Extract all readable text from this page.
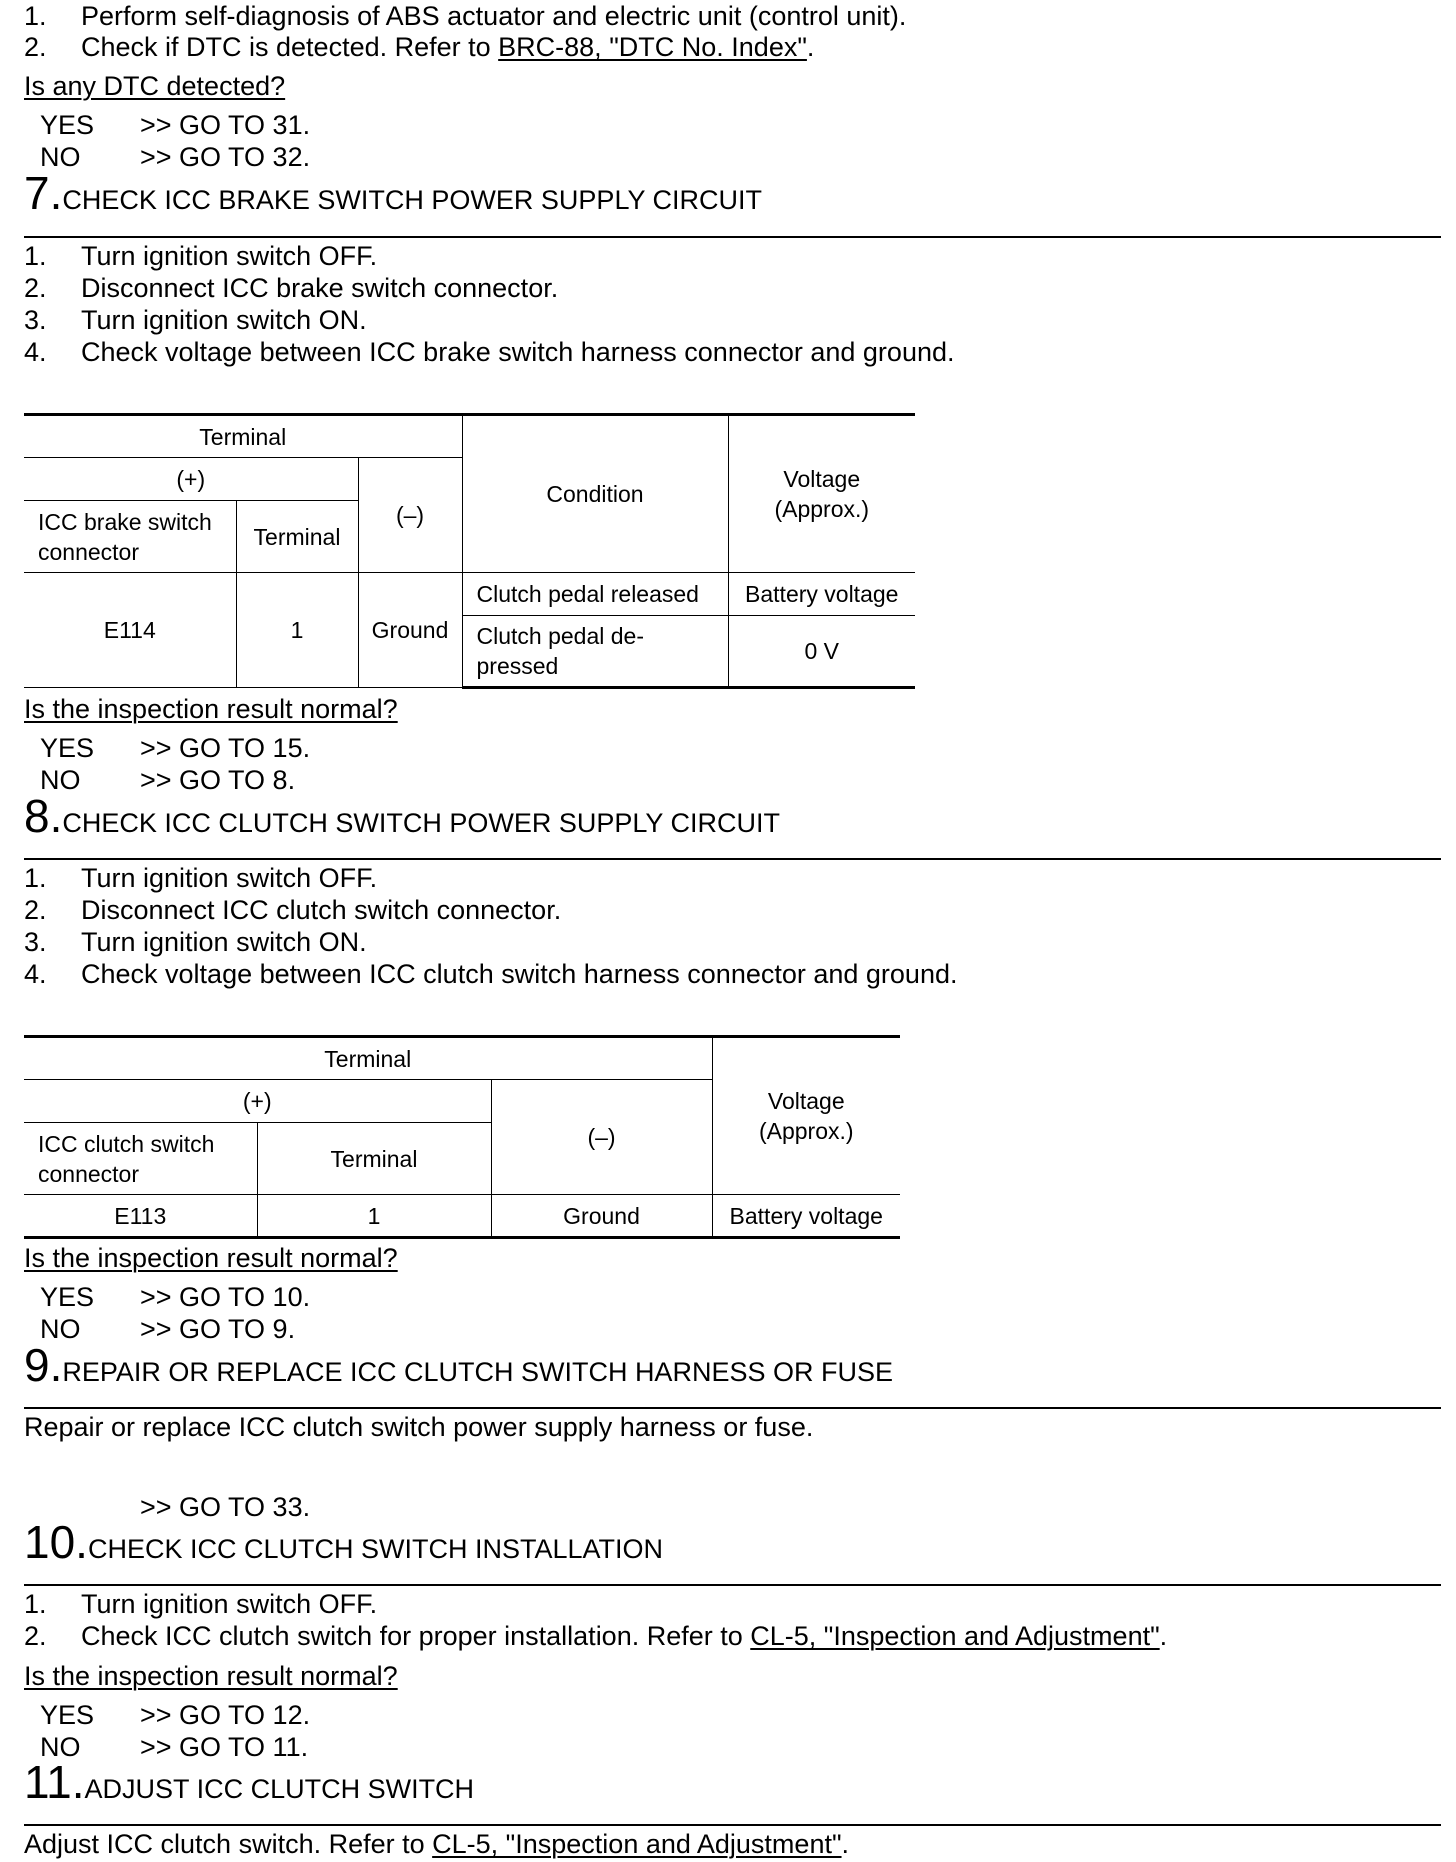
1. Perform self-diagnosis of ABS actuator and electric unit (control unit).
2. Check if DTC is detected. Refer to BRC-88, "DTC No. Index".
Is any DTC detected?
YES >> GO TO 31.
NO >> GO TO 32.
7.CHECK ICC BRAKE SWITCH POWER SUPPLY CIRCUIT
1. Turn ignition switch OFF.
2. Disconnect ICC brake switch connector.
3. Turn ignition switch ON.
4. Check voltage between ICC brake switch harness connector and ground.
Terminal			Condition	Voltage (Approx.)
(+)		(–)		
ICC brake switch connector	Terminal			
E114	1	Ground	Clutch pedal released	Battery voltage
			Clutch pedal de- pressed	0 V
Is the inspection result normal?
YES >> GO TO 15.
NO >> GO TO 8.
8.CHECK ICC CLUTCH SWITCH POWER SUPPLY CIRCUIT
1. Turn ignition switch OFF.
2. Disconnect ICC clutch switch connector.
3. Turn ignition switch ON.
4. Check voltage between ICC clutch switch harness connector and ground.
Terminal			Voltage (Approx.)
(+)		(–)	
ICC clutch switch connector	Terminal		
E113	1	Ground	Battery voltage
Is the inspection result normal?
YES >> GO TO 10.
NO >> GO TO 9.
9.REPAIR OR REPLACE ICC CLUTCH SWITCH HARNESS OR FUSE
Repair or replace ICC clutch switch power supply harness or fuse.
>> GO TO 33.
10.CHECK ICC CLUTCH SWITCH INSTALLATION
1. Turn ignition switch OFF.
2. Check ICC clutch switch for proper installation. Refer to CL-5, "Inspection and Adjustment".
Is the inspection result normal?
YES >> GO TO 12.
NO >> GO TO 11.
11.ADJUST ICC CLUTCH SWITCH
Adjust ICC clutch switch. Refer to CL-5, "Inspection and Adjustment".
